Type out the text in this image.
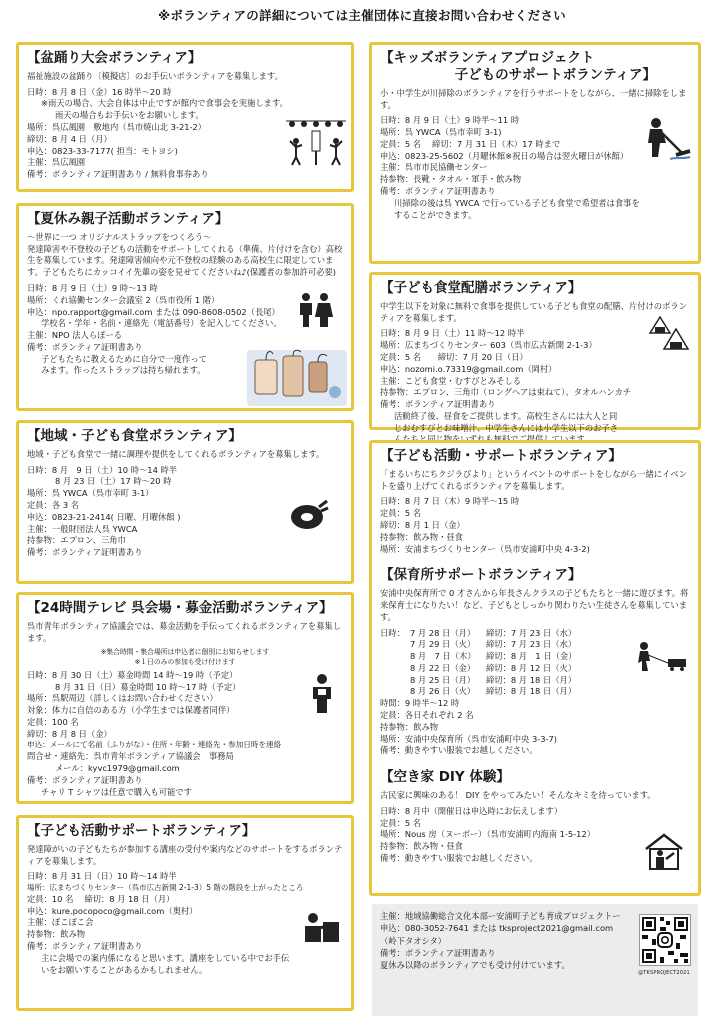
※ボランティアの詳細については主催団体に直接お問い合わせください
【盆踊り大会ボランティア】

福祉施設の盆踊り〔模擬店〕のお手伝いボランティアを募集します。

日時：8 月 8 日（金）16 時半〜20 時

※雨天の場合、大会自体は中止ですが館内で食事会を実施します。

雨天の場合もお手伝いをお願いします。

場所：呉広風園　敷地内（呉市焼山北 3-21-2）

締切：8 月 4 日（月）

申込：0823-33-7177( 担当：モトヨシ)

主催：呉広風園

備考：ボランティア証明書あり / 無料食事券あり

【夏休み親子活動ボランティア】

〜世界に一つ オリジナルストラップをつくろう〜
発達障害や不登校の子どもの活動をサポートしてくれる（準備、片付けを含む）高校生を募集しています。発達障害傾向や元不登校の経験のある高校生に限定しています。子どもたちにカッコイイ先輩の姿を見せてくださいね♪(保護者の参加許可必要)

日時：8 月 9 日（土）9 時〜13 時

場所：くれ協働センター会議室 2（呉市役所 1 階）

申込：npo.rapport@gmail.com または 090-8608-0502（長尾）

学校名・学年・名前・連絡先（電話番号）を記入してください。

主催：NPO 法人らぽーる

備考：ボランティア証明書あり

子どもたちに教えるために自分で一度作って

みます。作ったストラップは持ち帰れます。

【地域・子ども食堂ボランティア】

地域・子ども食堂で一緒に調理や提供をしてくれるボランティアを募集します。

日時：8 月　9 日（土）10 時〜14 時半

8 月 23 日（土）17 時〜20 時

場所：呉 YWCA（呉市幸町 3-1）

定員：各 3 名

申込：0823-21-2414( 日曜、月曜休館 )

主催：一般財団法人呉 YWCA

持参物：エプロン、三角巾

備考：ボランティア証明書あり

【24時間テレビ 呉会場・募金活動ボランティア】

呉市青年ボランティア協議会では、募金活動を手伝ってくれるボランティアを募集します。

※集合時間・集合場所は申込者に個別にお知らせします

※１日のみの参加も受け付けます

日時：8 月 30 日（土）募金時間 14 時〜19 時（予定）

8 月 31 日（日）募金時間 10 時〜17 時（予定）

場所：呉駅周辺（詳しくはお問い合わせください）

対象：体力に自信のある方（小学生までは保護者同伴）

定員：100 名

締切：8 月 8 日（金）

申込：メールにて名前（ふりがな）・住所・年齢・連絡先・参加日時を連絡

問合せ・連絡先：呉市青年ボランティア協議会　事務局

メール：kyvc1979@gmail.com

備考：ボランティア証明書あり

チャリ T シャツは任意で購入も可能です

【子ども活動サポートボランティア】

発達障がいの子どもたちが参加する講座の受付や案内などのサポートをするボランティアを募集します。

日時：8 月 31 日（日）10 時〜14 時半

場所：広まちづくりセンター（呉市広古新開 2-1-3）5 階の階段を上がったところ

定員：10 名　 締切：8 月 18 日（月）

申込：kure.pocopoco@gmail.com（奥村）

主催：ぽこぽこ会

持参物：飲み物

備考：ボランティア証明書あり

主に会場での案内係になると思います。講座をしている中でお手伝

いをお願いすることがあるかもしれません。

【キッズボランティアプロジェクト
子どものサポートボランティア】

小・中学生が川掃除のボランティアを行うサポートをしながら、一緒に掃除をします。

日時：8 月 9 日（土）9 時半〜11 時

場所：呉 YWCA（呉市幸町 3-1)

定員：5 名　 締切：7 月 31 日（木）17 時まで

申込：0823-25-5602（月曜休館※祝日の場合は翌火曜日が休館）

主催：呉市市民協働センター

持参物：長靴・タオル・軍手・飲み物

備考：ボランティア証明書あり

川掃除の後は呉 YWCA で行っている子ども食堂で希望者は食事を

することができます。

【子ども食堂配膳ボランティア】

中学生以下を対象に無料で食事を提供している子ども食堂の配膳、片付けのボランティアを募集します。

日時：8 月 9 日（土）11 時〜12 時半

場所：広まちづくりセンター 603（呉市広古新開 2-1-3）

定員：5 名　　締切：7 月 20 日（日）

申込：nozomi.o.73319@gmail.com（岡村）

主催：こども食堂・むすびとみそしる

持参物：エプロン、三角巾（ロングヘアは束ねて）、タオルハンカチ

備考：ボランティア証明書あり

活動終了後、昼食をご提供します。高校生さんには大人と同

じおむすびとお味噌汁、中学生さんには小学生以下のお子さ

【子ども活動・サポートボランティア】

「まるいちにちクジラびより」というイベントのサポートをしながら一緒にイベントを盛り上げてくれるボランティアを募集します。

日時：8 月 7 日（木）9 時半〜15 時

定員：5 名

締切：8 月 1 日（金）

持参物：飲み物・昼食

場所：安浦まちづくりセンター（呉市安浦町中央 4-3-2)

【保育所サポートボランティア】

安浦中央保育所で 0 才さんから年長さんクラスの子どもたちと一緒に遊びます。将来保育士になりたい！など、子どもとしっかり関わりたい生徒さんを募集しています。

日時： 7 月 28 日（月）	締切：7 月 23 日（水）
7 月 29 日（火）	締切：7 月 23 日（水）
8 月　7 日（木）	締切：8 月　1 日（金）
8 月 22 日（金）	締切：8 月 12 日（火）
8 月 25 日（月）	締切：8 月 18 日（月）
8 月 26 日（火）	締切：8 月 18 日（月）

時間：9 時半〜12 時

定員：各日それぞれ 2 名

持参物：飲み物

場所：安浦中央保育所（呉市安浦町中央 3-3-7)

備考：動きやすい服装でお越しください。

【空き家 DIY 体験】

古民家に興味のある！ DIY をやってみたい！そんなキミを待っています。

日時：8 月中（開催日は申込時にお伝えします）

定員：5 名

場所：Nous 房（ヌーボー）（呉市安浦町内海南 1-5-12）

持参物：飲み物・昼食

備考：動きやすい服装でお越しください。

主催：地域協働総合文化本部ー安浦町子ども育成プロジェクトー

申込：080-3052-7641 または tksproject2021@gmail.com

（岭下タオシタ）

備考：ボランティア証明書あり

夏休み以降のボランティアでも受け付けています。

@TKSPROJECT2021
